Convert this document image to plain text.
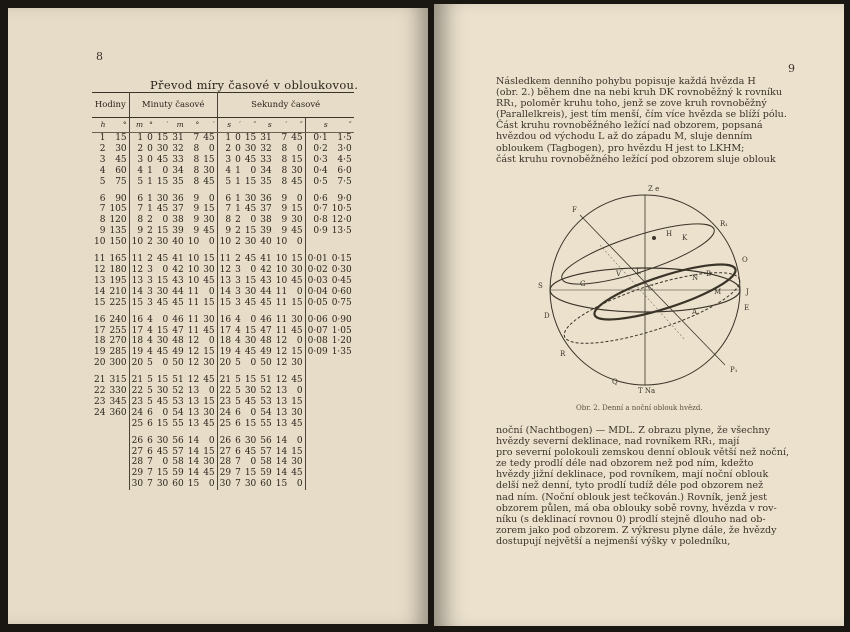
8
9
Převod míry časové v obloukovou.
Hodiny		Minuty časové						Sekundy časové							
h	°	m	°	′	m	°	′	s	′	″	s	′	″	s	″
1	15	1	0	15	31	7	45	1	0	15	31	7	45	0·1	1·5
2	30	2	0	30	32	8	0	2	0	30	32	8	0	0·2	3·0
3	45	3	0	45	33	8	15	3	0	45	33	8	15	0·3	4·5
4	60	4	1	0	34	8	30	4	1	0	34	8	30	0·4	6·0
5	75	5	1	15	35	8	45	5	1	15	35	8	45	0·5	7·5

6	90	6	1	30	36	9	0	6	1	30	36	9	0	0·6	9·0
7	105	7	1	45	37	9	15	7	1	45	37	9	15	0·7	10·5
8	120	8	2	0	38	9	30	8	2	0	38	9	30	0·8	12·0
9	135	9	2	15	39	9	45	9	2	15	39	9	45	0·9	13·5
10	150	10	2	30	40	10	0	10	2	30	40	10	0		

11	165	11	2	45	41	10	15	11	2	45	41	10	15	0·01	0·15
12	180	12	3	0	42	10	30	12	3	0	42	10	30	0·02	0·30
13	195	13	3	15	43	10	45	13	3	15	43	10	45	0·03	0·45
14	210	14	3	30	44	11	0	14	3	30	44	11	0	0·04	0·60
15	225	15	3	45	45	11	15	15	3	45	45	11	15	0·05	0·75

16	240	16	4	0	46	11	30	16	4	0	46	11	30	0·06	0·90
17	255	17	4	15	47	11	45	17	4	15	47	11	45	0·07	1·05
18	270	18	4	30	48	12	0	18	4	30	48	12	0	0·08	1·20
19	285	19	4	45	49	12	15	19	4	45	49	12	15	0·09	1·35
20	300	20	5	0	50	12	30	20	5	0	50	12	30		

21	315	21	5	15	51	12	45	21	5	15	51	12	45		
22	330	22	5	30	52	13	0	22	5	30	52	13	0		
23	345	23	5	45	53	13	15	23	5	45	53	13	15		
24	360	24	6	0	54	13	30	24	6	0	54	13	30		
		25	6	15	55	13	45	25	6	15	55	13	45		

		26	6	30	56	14	0	26	6	30	56	14	0		
		27	6	45	57	14	15	27	6	45	57	14	15		
		28	7	0	58	14	30	28	7	0	58	14	30		
		29	7	15	59	14	45	29	7	15	59	14	45		
		30	7	30	60	15	0	30	7	30	60	15	0		
Následkem denního pohybu popisuje každá hvězda H
(obr. 2.) během dne na nebi kruh DK rovnoběžný k rovníku
RR₁, poloměr kruhu toho, jenž se zove kruh rovnoběžný
(Parallelkreis), jest tím menší, čím více hvězda se blíží pólu.
Část kruhu rovnoběžného ležící nad obzorem, popsaná
hvězdou od východu L až do západu M, sluje denním
obloukem (Tagbogen), pro hvězdu H jest to LKHM;
část kruhu rovnoběžného ležící pod obzorem sluje oblouk
Z e
T Na
F
R₁
O
H K
S
J
E
D
G
V L
M
C
N
R
P₁
Q
B
A
Obr. 2. Denní a noční oblouk hvězd.
noční (Nachtbogen) — MDL. Z obrazu plyne, že všechny
hvězdy severní deklinace, nad rovníkem RR₁, mají
pro severní polokouli zemskou denní oblouk větší než noční,
ze tedy prodlí déle nad obzorem než pod ním, kdežto
hvězdy jižní deklinace, pod rovníkem, mají noční oblouk
delší než denní, tyto prodlí tudíž déle pod obzorem než
nad ním. (Noční oblouk jest tečkován.) Rovník, jenž jest
obzorem půlen, má oba oblouky sobě rovny, hvězda v rov-
níku (s deklinací rovnou 0) prodlí stejně dlouho nad ob-
zorem jako pod obzorem. Z výkresu plyne dále, že hvězdy
dostupují největší a nejmenší výšky v poledníku,
